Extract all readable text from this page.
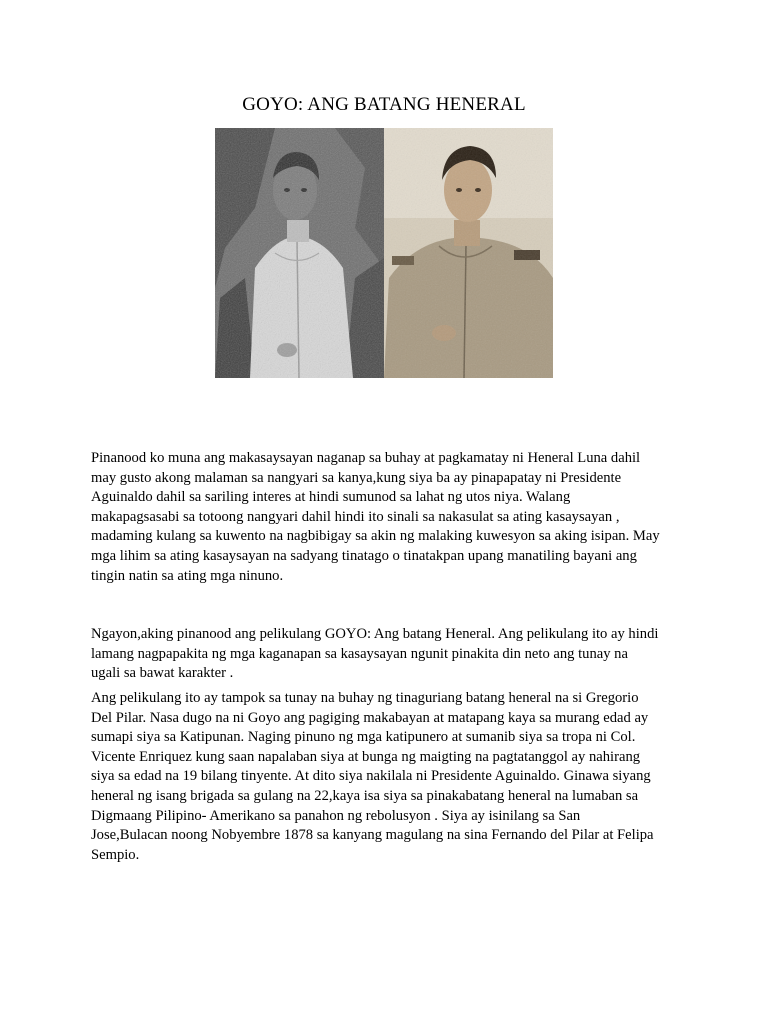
GOYO: ANG BATANG HENERAL
Pinanood ko muna ang makasaysayan naganap sa buhay at pagkamatay ni Heneral Luna dahil
may gusto akong malaman sa nangyari sa kanya,kung siya ba ay pinapapatay ni Presidente
Aguinaldo dahil sa sariling interes at hindi sumunod sa lahat ng utos niya. Walang
makapagsasabi sa totoong nangyari dahil hindi ito sinali sa nakasulat sa ating kasaysayan ,
madaming kulang sa kuwento na nagbibigay sa akin ng malaking kuwesyon sa aking isipan. May
mga lihim sa ating kasaysayan na sadyang tinatago o tinatakpan upang manatiling bayani ang
tingin natin sa ating mga ninuno.
Ngayon,aking pinanood ang pelikulang GOYO: Ang batang Heneral. Ang pelikulang ito ay hindi
lamang nagpapakita ng mga kaganapan sa kasaysayan ngunit pinakita din neto ang tunay na
ugali sa bawat karakter .
Ang pelikulang ito ay tampok sa tunay na buhay ng tinaguriang batang heneral na si Gregorio
Del Pilar. Nasa dugo na ni Goyo ang pagiging makabayan at matapang kaya sa murang edad ay
sumapi siya sa Katipunan. Naging pinuno ng mga katipunero at sumanib siya sa tropa ni Col.
Vicente Enriquez kung saan napalaban siya at bunga ng maigting na pagtatanggol ay nahirang
siya sa edad na 19 bilang tinyente. At dito siya nakilala ni Presidente Aguinaldo. Ginawa siyang
heneral ng isang brigada sa gulang na 22,kaya isa siya sa pinakabatang heneral na lumaban sa
Digmaang Pilipino- Amerikano sa panahon ng rebolusyon . Siya ay isinilang sa San
Jose,Bulacan noong Nobyembre 1878 sa kanyang magulang na sina Fernando del Pilar at Felipa
Sempio.
